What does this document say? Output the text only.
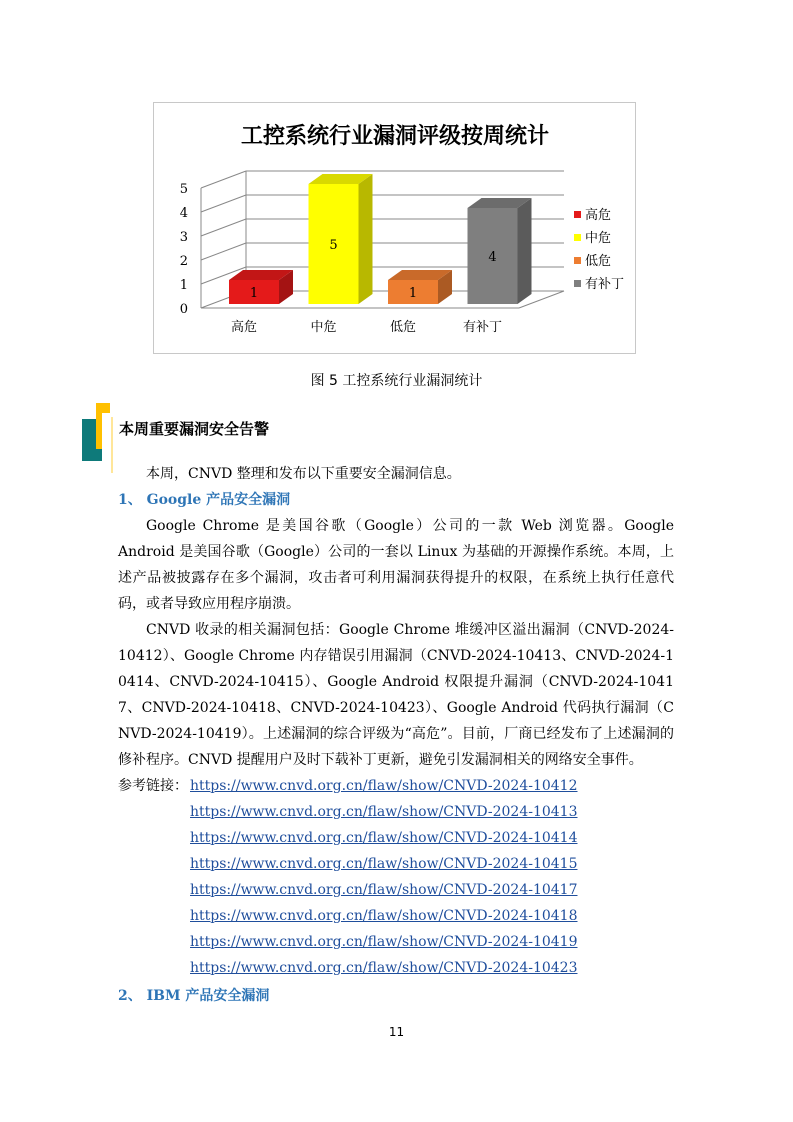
工控系统行业漏洞评级按周统计
0
1
2
3
4
5
1
高危
5
中危
1
低危
4
有补丁
高危
中危
低危
有补丁
图 5 工控系统行业漏洞统计
本周重要漏洞安全告警
本周，CNVD 整理和发布以下重要安全漏洞信息。
1、 Google 产品安全漏洞
Google Chrome 是美国谷歌（Google）公司的一款 Web 浏览器。Google Android 是美国谷歌（Google）公司的一套以 Linux 为基础的开源操作系统。本周，上述产品被披露存在多个漏洞，攻击者可利用漏洞获得提升的权限，在系统上执行任意代码，或者导致应用程序崩溃。
CNVD 收录的相关漏洞包括：Google Chrome 堆缓冲区溢出漏洞（CNVD-2024-10412）、Google Chrome 内存错误引用漏洞（CNVD-2024-10413、CNVD-2024-10414、CNVD-2024-10415）、Google Android 权限提升漏洞（CNVD-2024-10417、CNVD-2024-10418、CNVD-2024-10423）、Google Android 代码执行漏洞（CNVD-2024-10419）。上述漏洞的综合评级为“高危”。目前，厂商已经发布了上述漏洞的修补程序。CNVD 提醒用户及时下载补丁更新，避免引发漏洞相关的网络安全事件。
参考链接： https://www.cnvd.org.cn/flaw/show/CNVD-2024-10412
https://www.cnvd.org.cn/flaw/show/CNVD-2024-10413
https://www.cnvd.org.cn/flaw/show/CNVD-2024-10414
https://www.cnvd.org.cn/flaw/show/CNVD-2024-10415
https://www.cnvd.org.cn/flaw/show/CNVD-2024-10417
https://www.cnvd.org.cn/flaw/show/CNVD-2024-10418
https://www.cnvd.org.cn/flaw/show/CNVD-2024-10419
https://www.cnvd.org.cn/flaw/show/CNVD-2024-10423
2、 IBM 产品安全漏洞
11
